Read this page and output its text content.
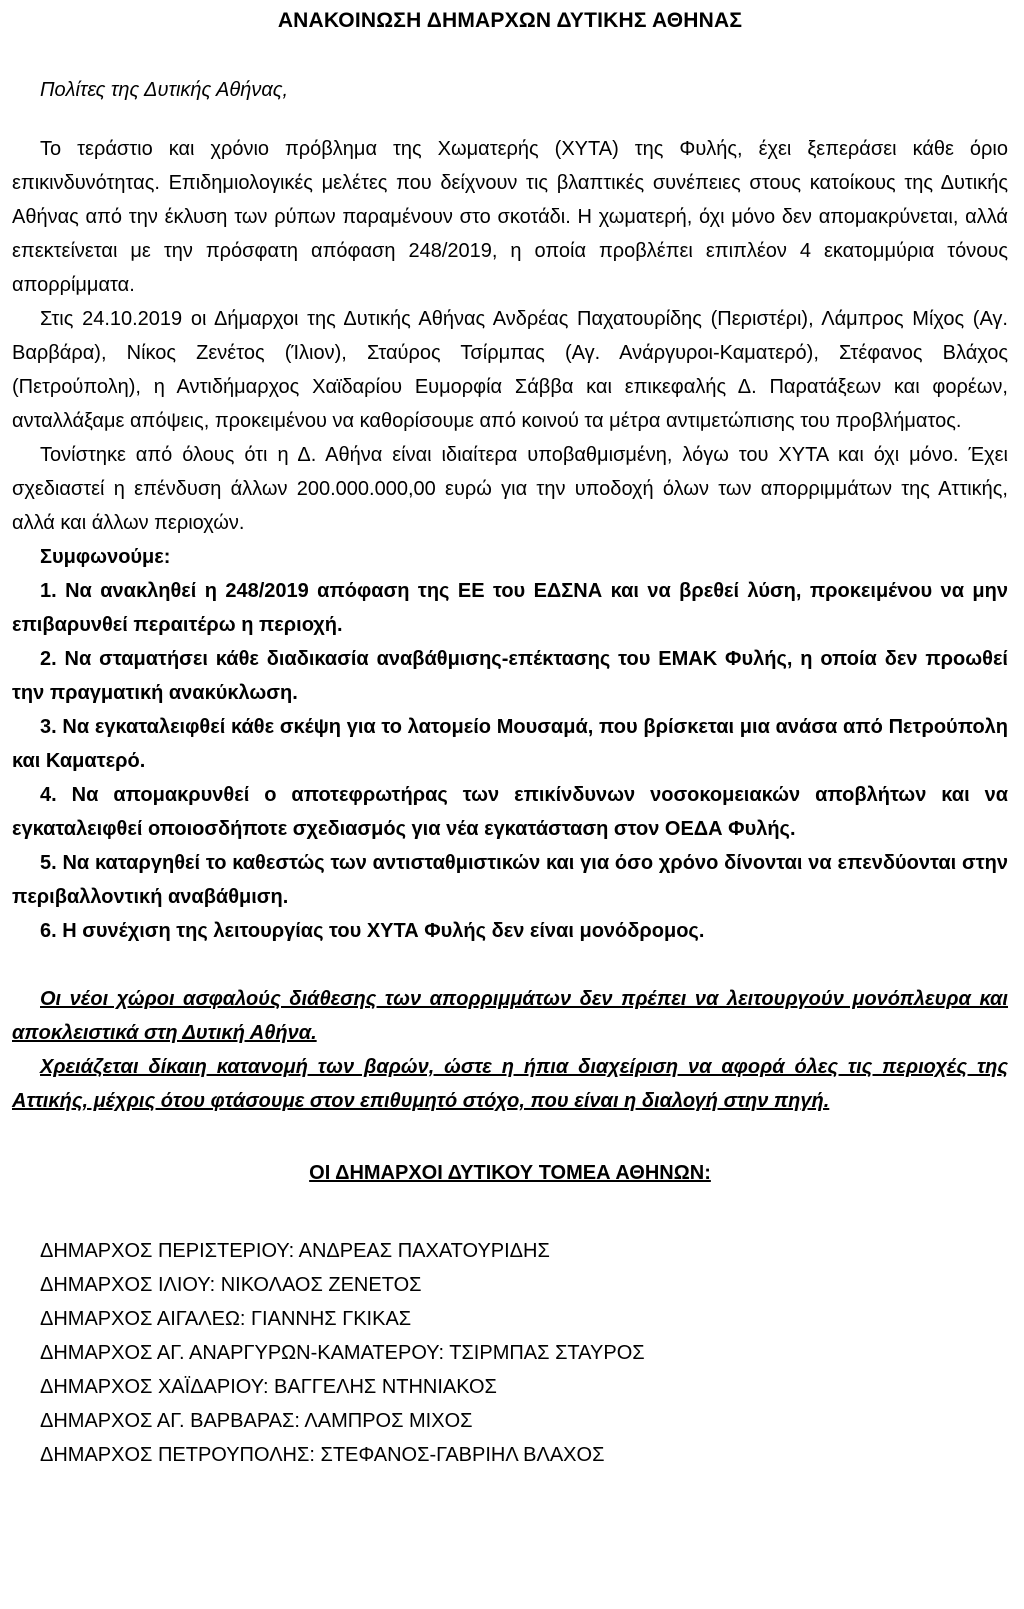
ΑΝΑΚΟΙΝΩΣΗ ΔΗΜΑΡΧΩΝ ΔΥΤΙΚΗΣ ΑΘΗΝΑΣ

Πολίτες της Δυτικής Αθήνας,

Το τεράστιο και χρόνιο πρόβλημα της Χωματερής (ΧΥΤΑ) της Φυλής, έχει ξεπεράσει κάθε όριο επικινδυνότητας. Επιδημιολογικές μελέτες που δείχνουν τις βλαπτικές συνέπειες στους κατοίκους της Δυτικής Αθήνας από την έκλυση των ρύπων παραμένουν στο σκοτάδι. Η χωματερή, όχι μόνο δεν απομακρύνεται, αλλά επεκτείνεται με την πρόσφατη απόφαση 248/2019, η οποία προβλέπει επιπλέον 4 εκατομμύρια τόνους απορρίμματα.

Στις 24.10.2019 οι Δήμαρχοι της Δυτικής Αθήνας Ανδρέας Παχατουρίδης (Περιστέρι), Λάμπρος Μίχος (Αγ. Βαρβάρα), Νίκος Ζενέτος (Ίλιον), Σταύρος Τσίρμπας (Αγ. Ανάργυροι-Καματερό), Στέφανος Βλάχος (Πετρούπολη), η Αντιδήμαρχος Χαϊδαρίου Ευμορφία Σάββα και επικεφαλής Δ. Παρατάξεων και φορέων, ανταλλάξαμε απόψεις, προκειμένου να καθορίσουμε από κοινού τα μέτρα αντιμετώπισης του προβλήματος.

Τονίστηκε από όλους ότι η Δ. Αθήνα είναι ιδιαίτερα υποβαθμισμένη, λόγω του ΧΥΤΑ και όχι μόνο. Έχει σχεδιαστεί η επένδυση άλλων 200.000.000,00 ευρώ για την υποδοχή όλων των απορριμμάτων της Αττικής, αλλά και άλλων περιοχών.

Συμφωνούμε:

1. Να ανακληθεί η 248/2019 απόφαση της ΕΕ του ΕΔΣΝΑ και να βρεθεί λύση, προκειμένου να μην επιβαρυνθεί περαιτέρω η περιοχή.

2. Να σταματήσει κάθε διαδικασία αναβάθμισης-επέκτασης του ΕΜΑΚ Φυλής, η οποία δεν προωθεί την πραγματική ανακύκλωση.

3. Να εγκαταλειφθεί κάθε σκέψη για το λατομείο Μουσαμά, που βρίσκεται μια ανάσα από Πετρούπολη και Καματερό.

4. Να απομακρυνθεί ο αποτεφρωτήρας των επικίνδυνων νοσοκομειακών αποβλήτων και να εγκαταλειφθεί οποιοσδήποτε σχεδιασμός για νέα εγκατάσταση στον ΟΕΔΑ Φυλής.

5. Να καταργηθεί το καθεστώς των αντισταθμιστικών και για όσο χρόνο δίνονται να επενδύονται στην περιβαλλοντική αναβάθμιση.

6. Η συνέχιση της λειτουργίας του ΧΥΤΑ Φυλής δεν είναι μονόδρομος.

Οι νέοι χώροι ασφαλούς διάθεσης των απορριμμάτων δεν πρέπει να λειτουργούν μονόπλευρα και αποκλειστικά στη Δυτική Αθήνα.

Χρειάζεται δίκαιη κατανομή των βαρών, ώστε η ήπια διαχείριση να αφορά όλες τις περιοχές της Αττικής, μέχρις ότου φτάσουμε στον επιθυμητό στόχο, που είναι η διαλογή στην πηγή.

ΟΙ ΔΗΜΑΡΧΟΙ ΔΥΤΙΚΟΥ ΤΟΜΕΑ ΑΘΗΝΩΝ:
ΔΗΜΑΡΧΟΣ ΠΕΡΙΣΤΕΡΙΟΥ: ΑΝΔΡΕΑΣ ΠΑΧΑΤΟΥΡΙΔΗΣ
ΔΗΜΑΡΧΟΣ ΙΛΙΟΥ: ΝΙΚΟΛΑΟΣ ΖΕΝΕΤΟΣ
ΔΗΜΑΡΧΟΣ ΑΙΓΑΛΕΩ: ΓΙΑΝΝΗΣ ΓΚΙΚΑΣ
ΔΗΜΑΡΧΟΣ ΑΓ. ΑΝΑΡΓΥΡΩΝ-ΚΑΜΑΤΕΡΟΥ: ΤΣΙΡΜΠΑΣ ΣΤΑΥΡΟΣ
ΔΗΜΑΡΧΟΣ ΧΑΪΔΑΡΙΟΥ: ΒΑΓΓΕΛΗΣ ΝΤΗΝΙΑΚΟΣ
ΔΗΜΑΡΧΟΣ ΑΓ. ΒΑΡΒΑΡΑΣ: ΛΑΜΠΡΟΣ ΜΙΧΟΣ
ΔΗΜΑΡΧΟΣ ΠΕΤΡΟΥΠΟΛΗΣ: ΣΤΕΦΑΝΟΣ-ΓΑΒΡΙΗΛ ΒΛΑΧΟΣ
